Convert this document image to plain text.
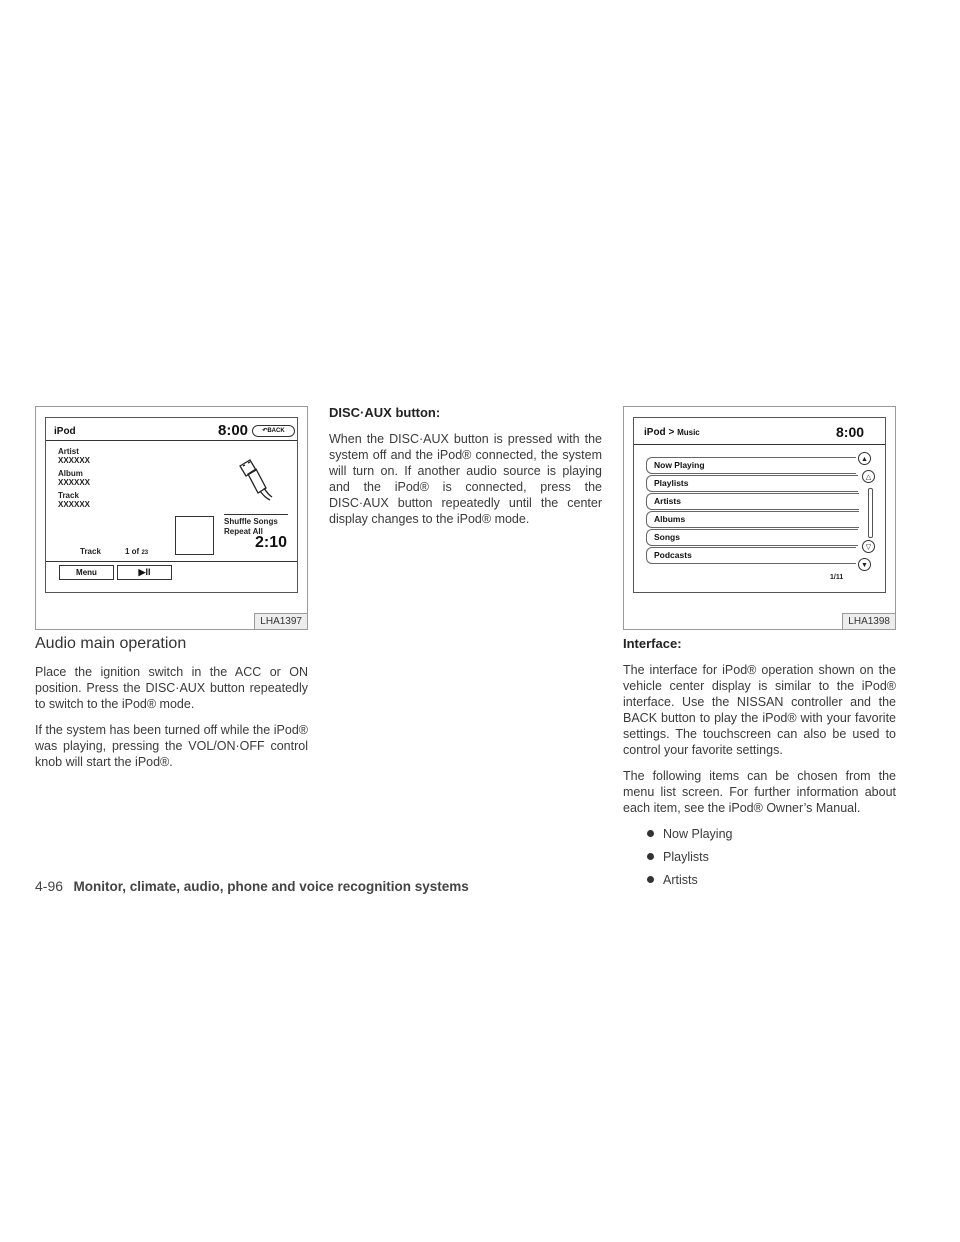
iPod	8:00	↶BACK
Artist
XXXXXX
Album
XXXXXX
Track
XXXXXX
Shuffle Songs
Repeat All
2:10
Track	1 of 23
Menu	▶II
LHA1397
iPod > Music	8:00
Now Playing
Playlists
Artists
Albums
Songs
Podcasts
▲
△
▽
▼
1/11
LHA1398
Audio main operation

Place the ignition switch in the ACC or ON position. Press the DISC·AUX button repeatedly to switch to the iPod® mode.

If the system has been turned off while the iPod® was playing, pressing the VOL/ON·OFF control knob will start the iPod®.

DISC·AUX button:

When the DISC·AUX button is pressed with the system off and the iPod® connected, the system will turn on. If another audio source is playing and the iPod® is connected, press the DISC·AUX button repeatedly until the center display changes to the iPod® mode.

Interface:

The interface for iPod® operation shown on the vehicle center display is similar to the iPod® interface. Use the NISSAN controller and the BACK button to play the iPod® with your favorite settings. The touchscreen can also be used to control your favorite settings.

The following items can be chosen from the menu list screen. For further information about each item, see the iPod® Owner’s Manual.

Now Playing
Playlists
Artists
4-96 Monitor, climate, audio, phone and voice recognition systems
